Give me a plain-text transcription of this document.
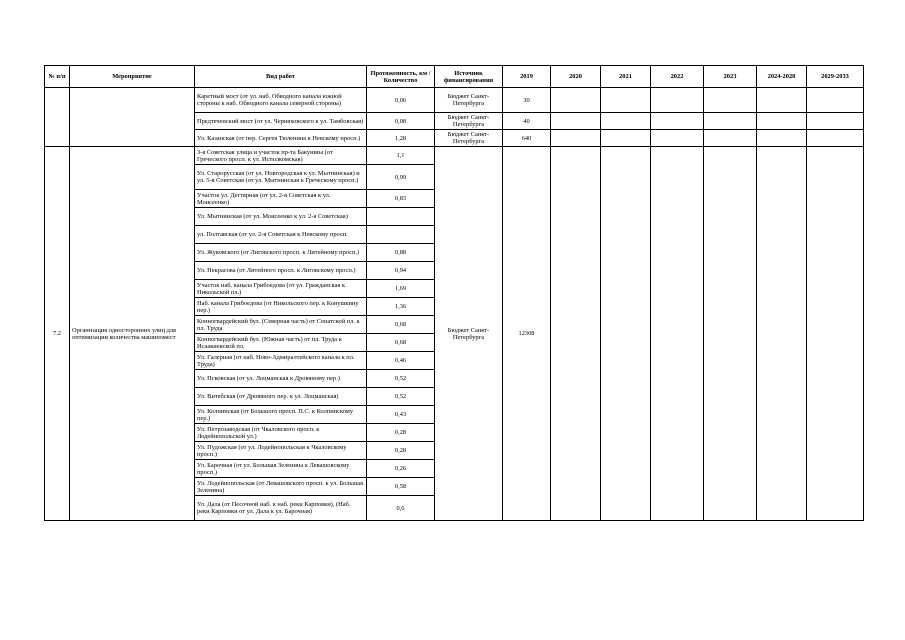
№ п/п	Мероприятие	Вид работ	Протяженность, км / Количество	Источник финансирования	2019	2020	2021	2022	2023	2024-2028	2029-2033
		Каретный мост (от ул. наб. Обводного канала южной стороны к наб. Обводного канала северной стороны)	0,06	Бюджет Санкт-Петербурга	30						
		Предтеченский мост (от ул. Черняховского к ул. Тамбовская)	0,08	Бюджет Санкт-Петербурга	40						
		Ул. Казанская (от пер. Сергея Тюленина к Невскому просп.)	1,28	Бюджет Санкт-Петербурга	640						
7.2	Организация односторонних улиц для оптимизации количества машиномест	3-я Советская улица и участок пр-та Бакунина (от Греческого просп. к ул. Исполкомская)	1,1	Бюджет Санкт-Петербурга	12308						
		Ул. Старорусская (от ул. Новгородская к ул. Мытнинская) и ул. 5-я Советская (от ул. Мытнинская к Греческому просп.)	0,99								
		Участок ул. Дегтярная (от ул. 2-я Советская к ул. Моисеенко)	0,83								
		Ул. Мытнинская (от ул. Моисеенко к ул. 2-я Советская)									
		ул. Полтавская (от ул. 2-я Советская к Невскому просп.									
		Ул. Жуковского (от Лиговского просп. к Литейному просп.)	0,88								
		Ул. Некрасова (от Литейного просп. к Лиговскому просп.)	0,94								
		Участок наб. канала Грибоедова (от ул. Гражданская к Никольской пл.)	1,69								
		Наб. канала Грибоедова (от Никольского пер. к Конушкину пер.)	1,36								
		Конногвардейский бул. (Северная часть) от Сенатской пл. к пл. Труда	0,68								
		Конногвардейский бул. (Южная часть) от пл. Труда к Исаакиевской пл.	0,68								
		Ул. Галерная (от наб. Ново-Адмиралтейского канала к пл. Труда)	0,46								
		Ул. Псковская (от ул. Лоцманская к Дровяному пер.)	0,52								
		Ул. Витебская (от Дровяного пер. к ул. Лоцманская)	0,52								
		Ул. Колпинская (от Большого просп. П.С. к Колпинскому пер.)	0,43								
		Ул. Петрозаводская (от Чкаловского просп. к Лодейнопольской ул.)	0,28								
		Ул. Пудожская (от ул. Лодейнопольская к Чкаловскому просп.)	0,28								
		Ул. Барочная (от ул. Большая Зеленина к Левашовскому просп.)	0,26								
		Ул. Лодейнопольская (от Левашовского просп. к ул. Большая Зеленина)	0,58								
		Ул. Дала (от Песочной наб. к наб. реки Карповки), (Наб. реки Карповки от ул. Дала к ул. Барочная)	0,6								
